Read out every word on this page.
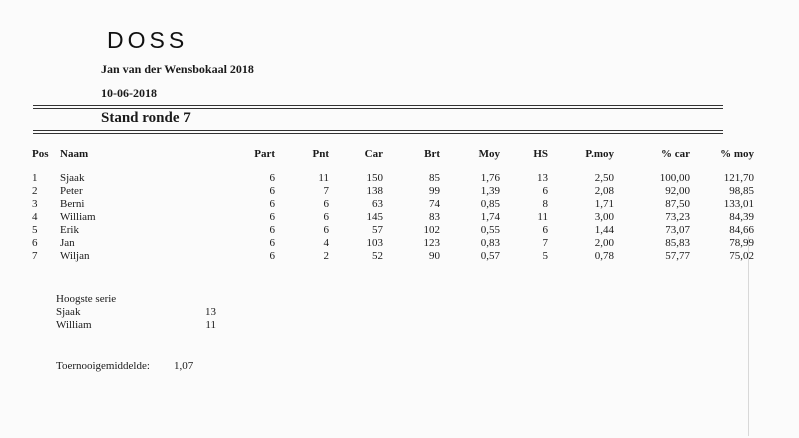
DOSS
Jan van der Wensbokaal 2018
10-06-2018
Stand ronde 7
Pos	Naam	Part	Pnt	Car	Brt	Moy	HS	P.moy	% car	% moy
1	Sjaak	6	11	150	85	1,76	13	2,50	100,00	121,70
2	Peter	6	7	138	99	1,39	6	2,08	92,00	98,85
3	Berni	6	6	63	74	0,85	8	1,71	87,50	133,01
4	William	6	6	145	83	1,74	11	3,00	73,23	84,39
5	Erik	6	6	57	102	0,55	6	1,44	73,07	84,66
6	Jan	6	4	103	123	0,83	7	2,00	85,83	78,99
7	Wiljan	6	2	52	90	0,57	5	0,78	57,77	75,02
Hoogste serie
Sjaak	13
William	11
Toernooigemiddelde:	1,07
